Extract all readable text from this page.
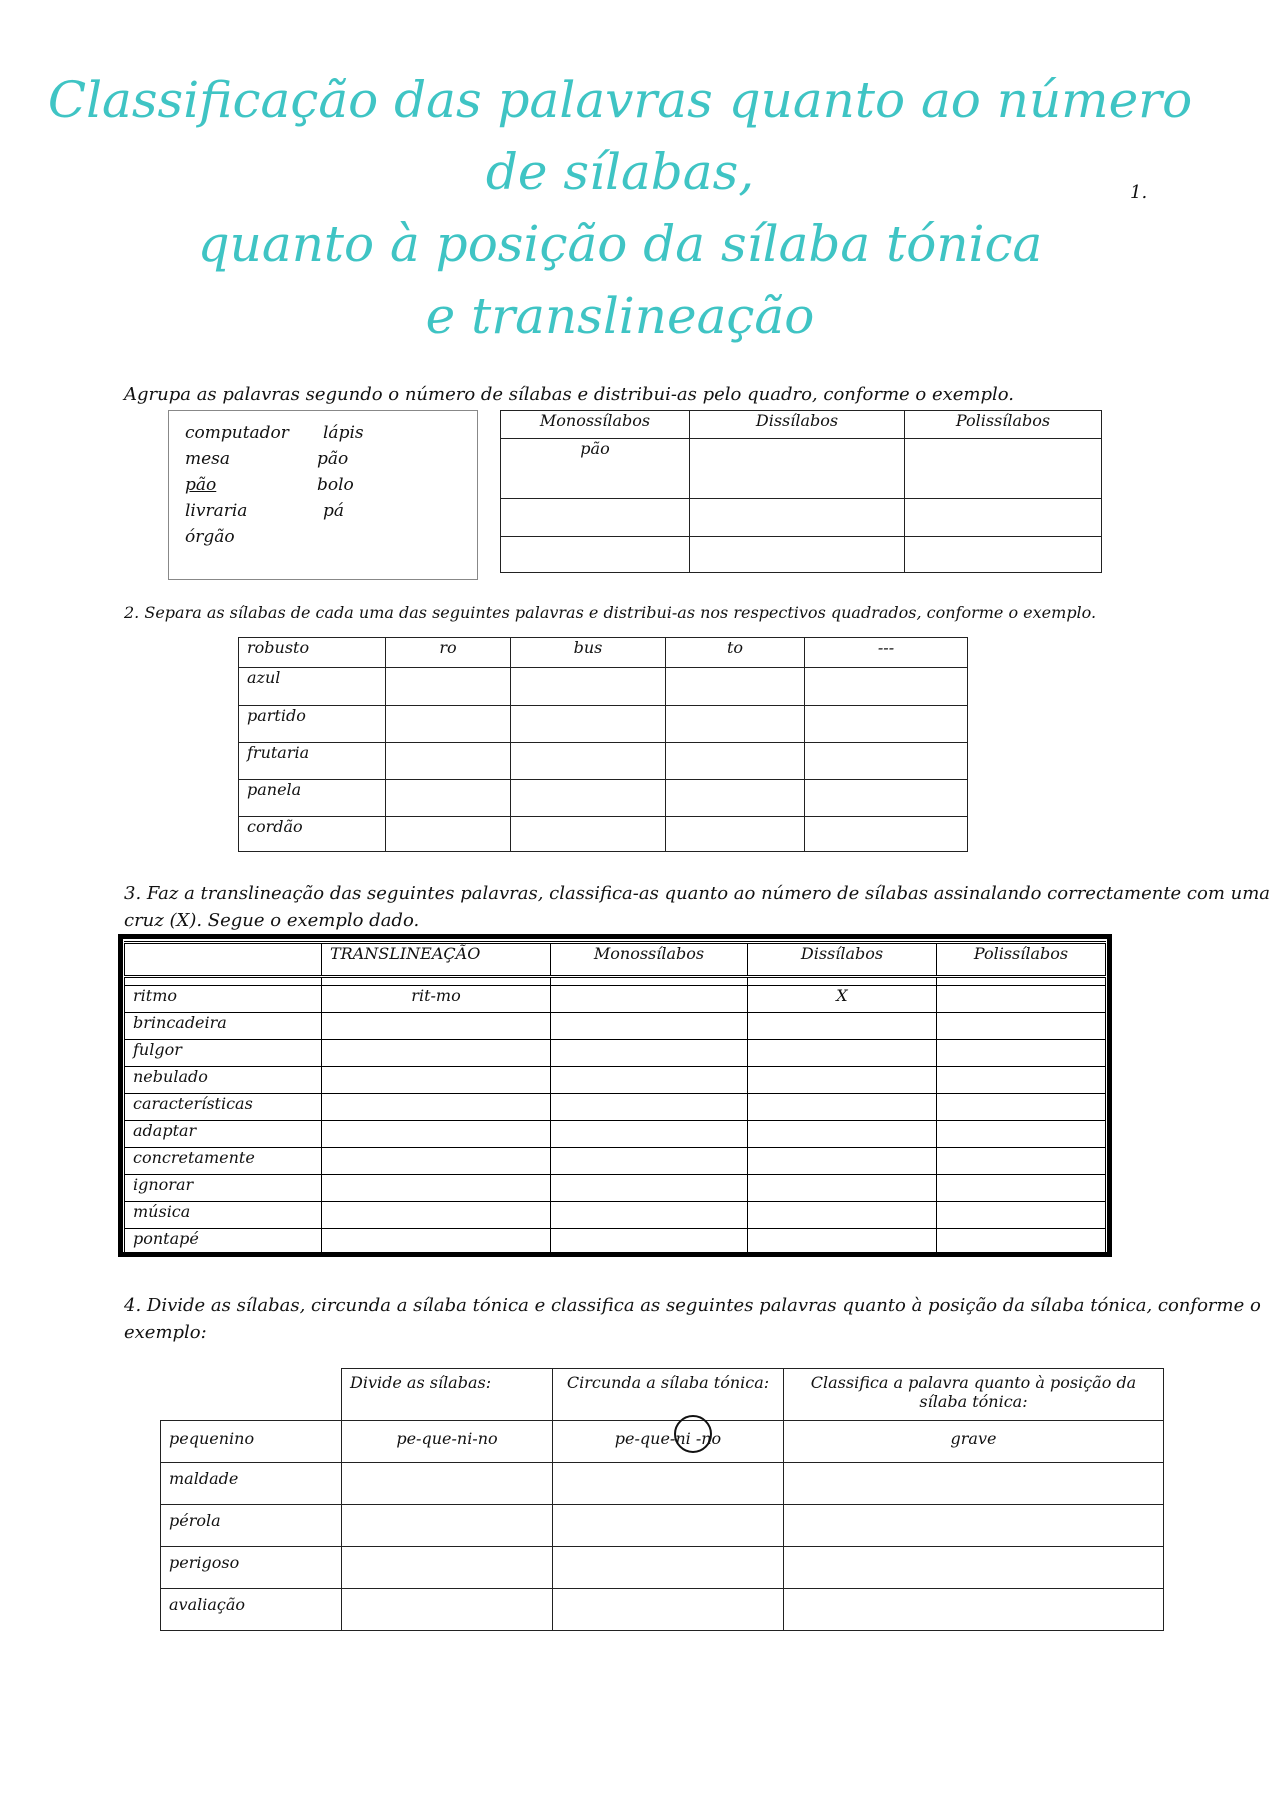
Classificação das palavras quanto ao número
de sílabas,
quanto à posição da sílaba tónica
e translineação
1.
Agrupa as palavras segundo o número de sílabas e distribui-as pelo quadro, conforme o exemplo.
computador lápis
mesa	pão
pão	bolo
livraria	pá
órgão
Monossílabos	Dissílabos	Polissílabos
pão		

2. Separa as sílabas de cada uma das seguintes palavras e distribui-as nos respectivos quadrados, conforme o exemplo.
robusto	ro	bus	to	---
azul				
partido				
frutaria				
panela				
cordão				
3. Faz a translineação das seguintes palavras, classifica-as quanto ao número de sílabas assinalando correctamente com uma
cruz (X). Segue o exemplo dado.
	TRANSLINEAÇÃO	Monossílabos	Dissílabos	Polissílabos

ritmo	rit-mo		X	
brincadeira				
fulgor				
nebulado				
características				
adaptar				
concretamente				
ignorar				
música				
pontapé				
4. Divide as sílabas, circunda a sílaba tónica e classifica as seguintes palavras quanto à posição da sílaba tónica, conforme o
exemplo:
	Divide as sílabas:	Circunda a sílaba tónica:	Classifica a palavra quanto à posição da sílaba tónica:
pequenino	pe-que-ni-no	pe-que-ni -no	grave
maldade			
pérola			
perigoso			
avaliação			
